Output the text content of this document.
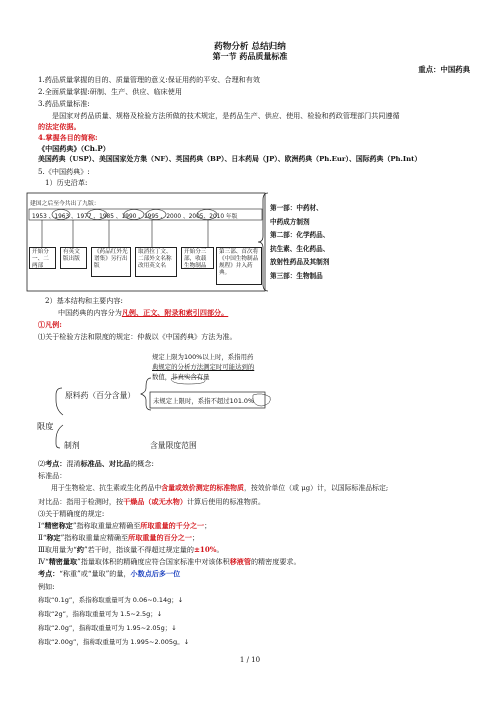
药物分析 总结归纳
第一节 药品质量标准
重点：中国药典
1.药品质量掌握的目的、质量管理的意义:保证用药的平安、合理和有效
2.全面质量掌握:研制、生产、供应、临床使用
3.药品质量标准:
是国家对药品质量、规格及检验方法所做的技术规定，是药品生产、供应、使用、检验和药政管理部门共同遵循
的法定依据。
4.掌握各目的简称:
《中国药典》（Ch.P）
美国药典（USP）、美国国家处方集（NF）、英国药典（BP）、日本药局（JP）、欧洲药典（Ph.Eur）、国际药典（Ph.Int）
5.《中国药典》:
1）历史沿革:
建国之后至今共出了九版：
1953 、1963 、1977 、1985 、1990 、1995 、2000 、2005、2010 年版
开始分一、二两部
有英文版出版
《药品红外光谱集》另行出版
取消拉丁文、二部外文名称改用英文名
开始分三部，收载生物制品
第三部、首次将《中国生物制品规程》并入药典。
第一部：中药材、
中药成方制剂
第二部：化学药品、
抗生素、生化药品、
放射性药品及其制剂
第三部：生物制品
2）基本结构和主要内容:
中国药典的内容分为凡例、正文、附录和索引四部分。
①凡例:
⑴关于检验方法和限度的规定：仲裁以《中国药典》方法为准。
规定上限为100%以上时，系指用药
典规定的分析方法测定时可能达到的
数值，非真实含有量
原料药（百分含量）
未规定上限时，系指不超过101.0%
限度
制剂	含量限度范围
⑵考点：混淆标准品、对比品的概念:
标准品：
用于生物检定、抗生素或生化药品中含量或效价测定的标准物质，按效价单位（或 μg）计，以国际标准品标定;
对比品：指用于检测时，按干燥品（或无水物）计算后使用的标准物质。
⑶关于精确度的规定:
Ⅰ“精密称定”指称取重量应精确至所取重量的千分之一；
Ⅱ“称定”指称取重量应精确至所取重量的百分之一；
Ⅲ取用量为“约”若干时，指该量不得超过规定量的±10%。
Ⅳ“精密量取”指量取体积的精确度应符合国家标准中对该体积移液管的精密度要求。
考点：“称重”或“量取”的量，小数点后多一位
例如:
称取“0.1g”，系指称取重量可为 0.06~0.14g；↓
称取“2g”，指称取重量可为 1.5~2.5g；↓
称取“2.0g”，指称取重量可为 1.95~2.05g；↓
称取“2.00g”，指称取重量可为 1.995~2.005g。↓
1 / 10
